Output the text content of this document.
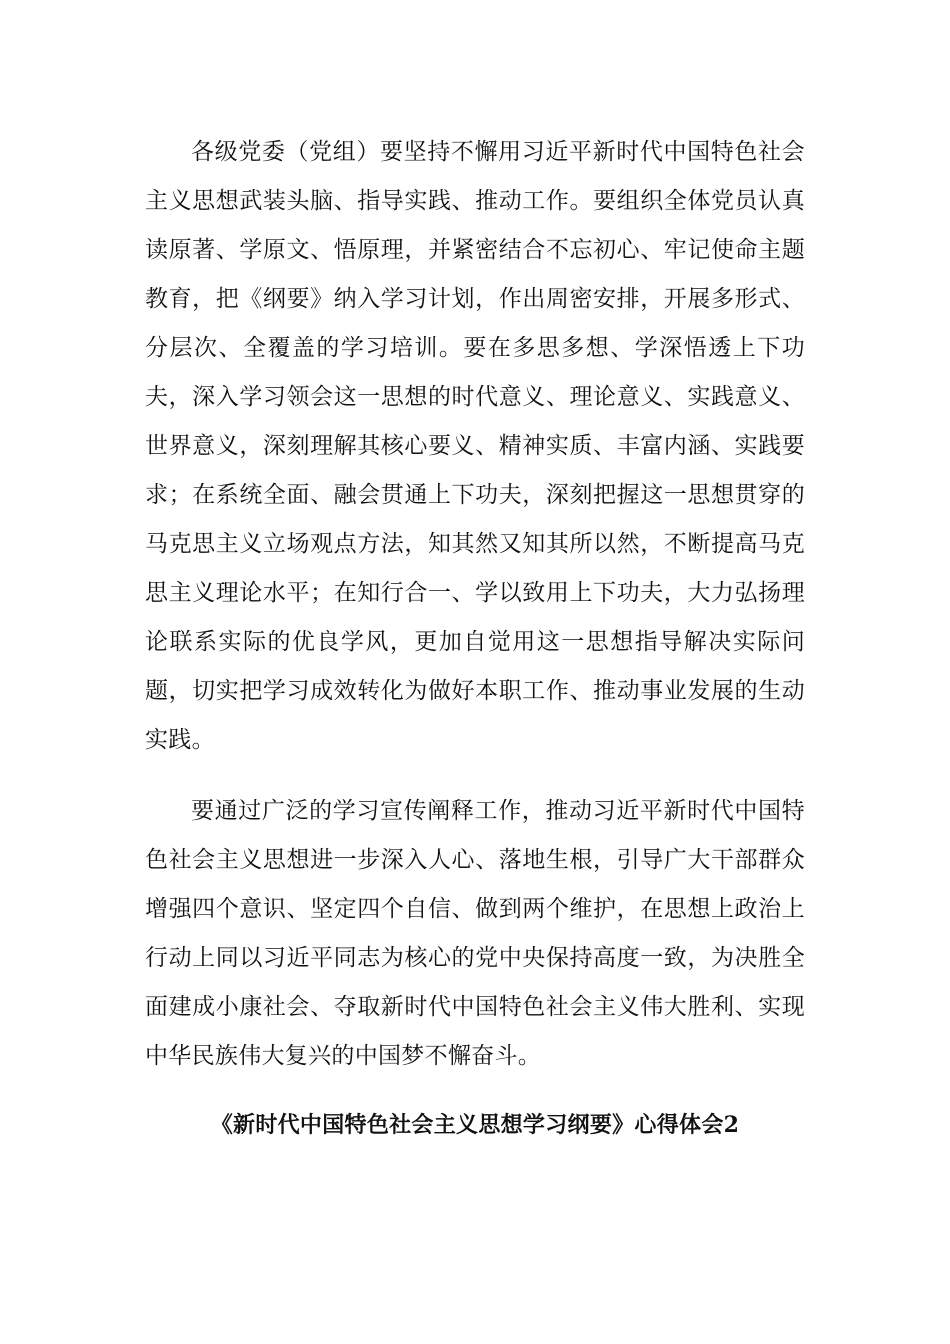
各级党委（党组）要坚持不懈用习近平新时代中国特色社会主义思想武装头脑、指导实践、推动工作。要组织全体党员认真读原著、学原文、悟原理，并紧密结合不忘初心、牢记使命主题教育，把《纲要》纳入学习计划，作出周密安排，开展多形式、分层次、全覆盖的学习培训。要在多思多想、学深悟透上下功夫，深入学习领会这一思想的时代意义、理论意义、实践意义、世界意义，深刻理解其核心要义、精神实质、丰富内涵、实践要求；在系统全面、融会贯通上下功夫，深刻把握这一思想贯穿的马克思主义立场观点方法，知其然又知其所以然，不断提高马克思主义理论水平；在知行合一、学以致用上下功夫，大力弘扬理论联系实际的优良学风，更加自觉用这一思想指导解决实际问题，切实把学习成效转化为做好本职工作、推动事业发展的生动实践。

要通过广泛的学习宣传阐释工作，推动习近平新时代中国特色社会主义思想进一步深入人心、落地生根，引导广大干部群众增强四个意识、坚定四个自信、做到两个维护，在思想上政治上行动上同以习近平同志为核心的党中央保持高度一致，为决胜全面建成小康社会、夺取新时代中国特色社会主义伟大胜利、实现中华民族伟大复兴的中国梦不懈奋斗。

《新时代中国特色社会主义思想学习纲要》心得体会2
